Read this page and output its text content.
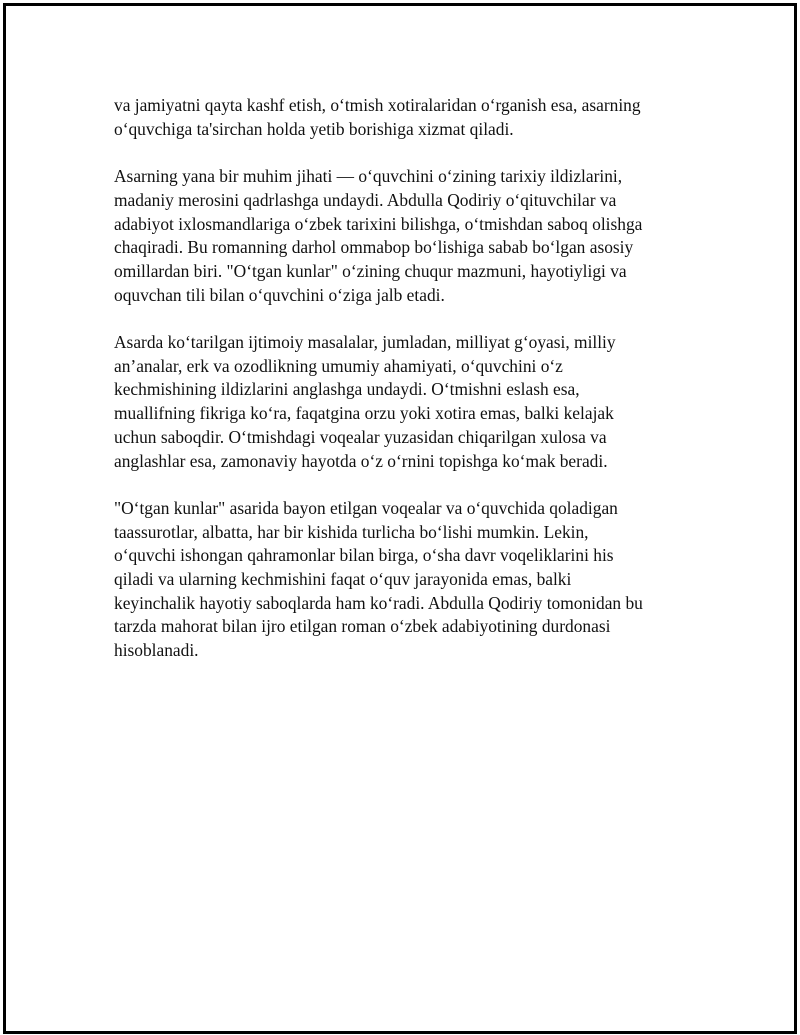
va jamiyatni qayta kashf etish, o‘tmish xotiralaridan o‘rganish esa, asarning
o‘quvchiga ta'sirchan holda yetib borishiga xizmat qiladi.

Asarning yana bir muhim jihati — o‘quvchini o‘zining tarixiy ildizlarini,
madaniy merosini qadrlashga undaydi. Abdulla Qodiriy o‘qituvchilar va
adabiyot ixlosmandlariga o‘zbek tarixini bilishga, o‘tmishdan saboq olishga
chaqiradi. Bu romanning darhol ommabop bo‘lishiga sabab bo‘lgan asosiy
omillardan biri. "O‘tgan kunlar" o‘zining chuqur mazmuni, hayotiyligi va
oquvchan tili bilan o‘quvchini o‘ziga jalb etadi.

Asarda ko‘tarilgan ijtimoiy masalalar, jumladan, milliyat g‘oyasi, milliy
an’analar, erk va ozodlikning umumiy ahamiyati, o‘quvchini o‘z
kechmishining ildizlarini anglashga undaydi. O‘tmishni eslash esa,
muallifning fikriga ko‘ra, faqatgina orzu yoki xotira emas, balki kelajak
uchun saboqdir. O‘tmishdagi voqealar yuzasidan chiqarilgan xulosa va
anglashlar esa, zamonaviy hayotda o‘z o‘rnini topishga ko‘mak beradi.

"O‘tgan kunlar" asarida bayon etilgan voqealar va o‘quvchida qoladigan
taassurotlar, albatta, har bir kishida turlicha bo‘lishi mumkin. Lekin,
o‘quvchi ishongan qahramonlar bilan birga, o‘sha davr voqeliklarini his
qiladi va ularning kechmishini faqat o‘quv jarayonida emas, balki
keyinchalik hayotiy saboqlarda ham ko‘radi. Abdulla Qodiriy tomonidan bu
tarzda mahorat bilan ijro etilgan roman o‘zbek adabiyotining durdonasi
hisoblanadi.
